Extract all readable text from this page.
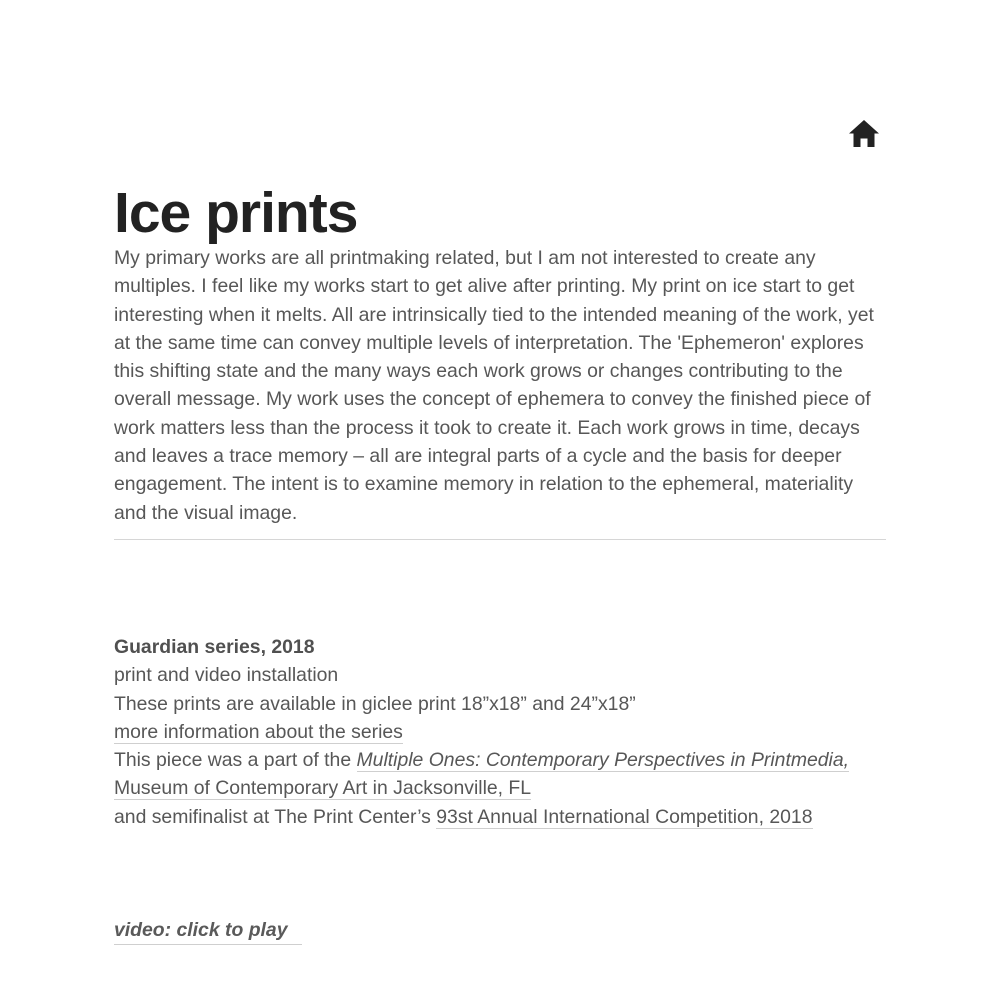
Ice prints

My primary works are all printmaking related, but I am not interested to create any multiples. I feel like my works start to get alive after printing. My print on ice start to get interesting when it melts. All are intrinsically tied to the intended meaning of the work, yet at the same time can convey multiple levels of interpretation. The 'Ephemeron' explores this shifting state and the many ways each work grows or changes contributing to the overall message. My work uses the concept of ephemera to convey the finished piece of work matters less than the process it took to create it. Each work grows in time, decays and leaves a trace memory – all are integral parts of a cycle and the basis for deeper engagement. The intent is to examine memory in relation to the ephemeral, materiality and the visual image.

Guardian series, 2018

print and video installation

These prints are available in giclee print 18”x18” and 24”x18”

more information about the series

This piece was a part of the Multiple Ones: Contemporary Perspectives in Printmedia, Museum of Contemporary Art in Jacksonville, FL

and semifinalist at The Print Center’s 93st Annual International Competition, 2018

video: click to play
